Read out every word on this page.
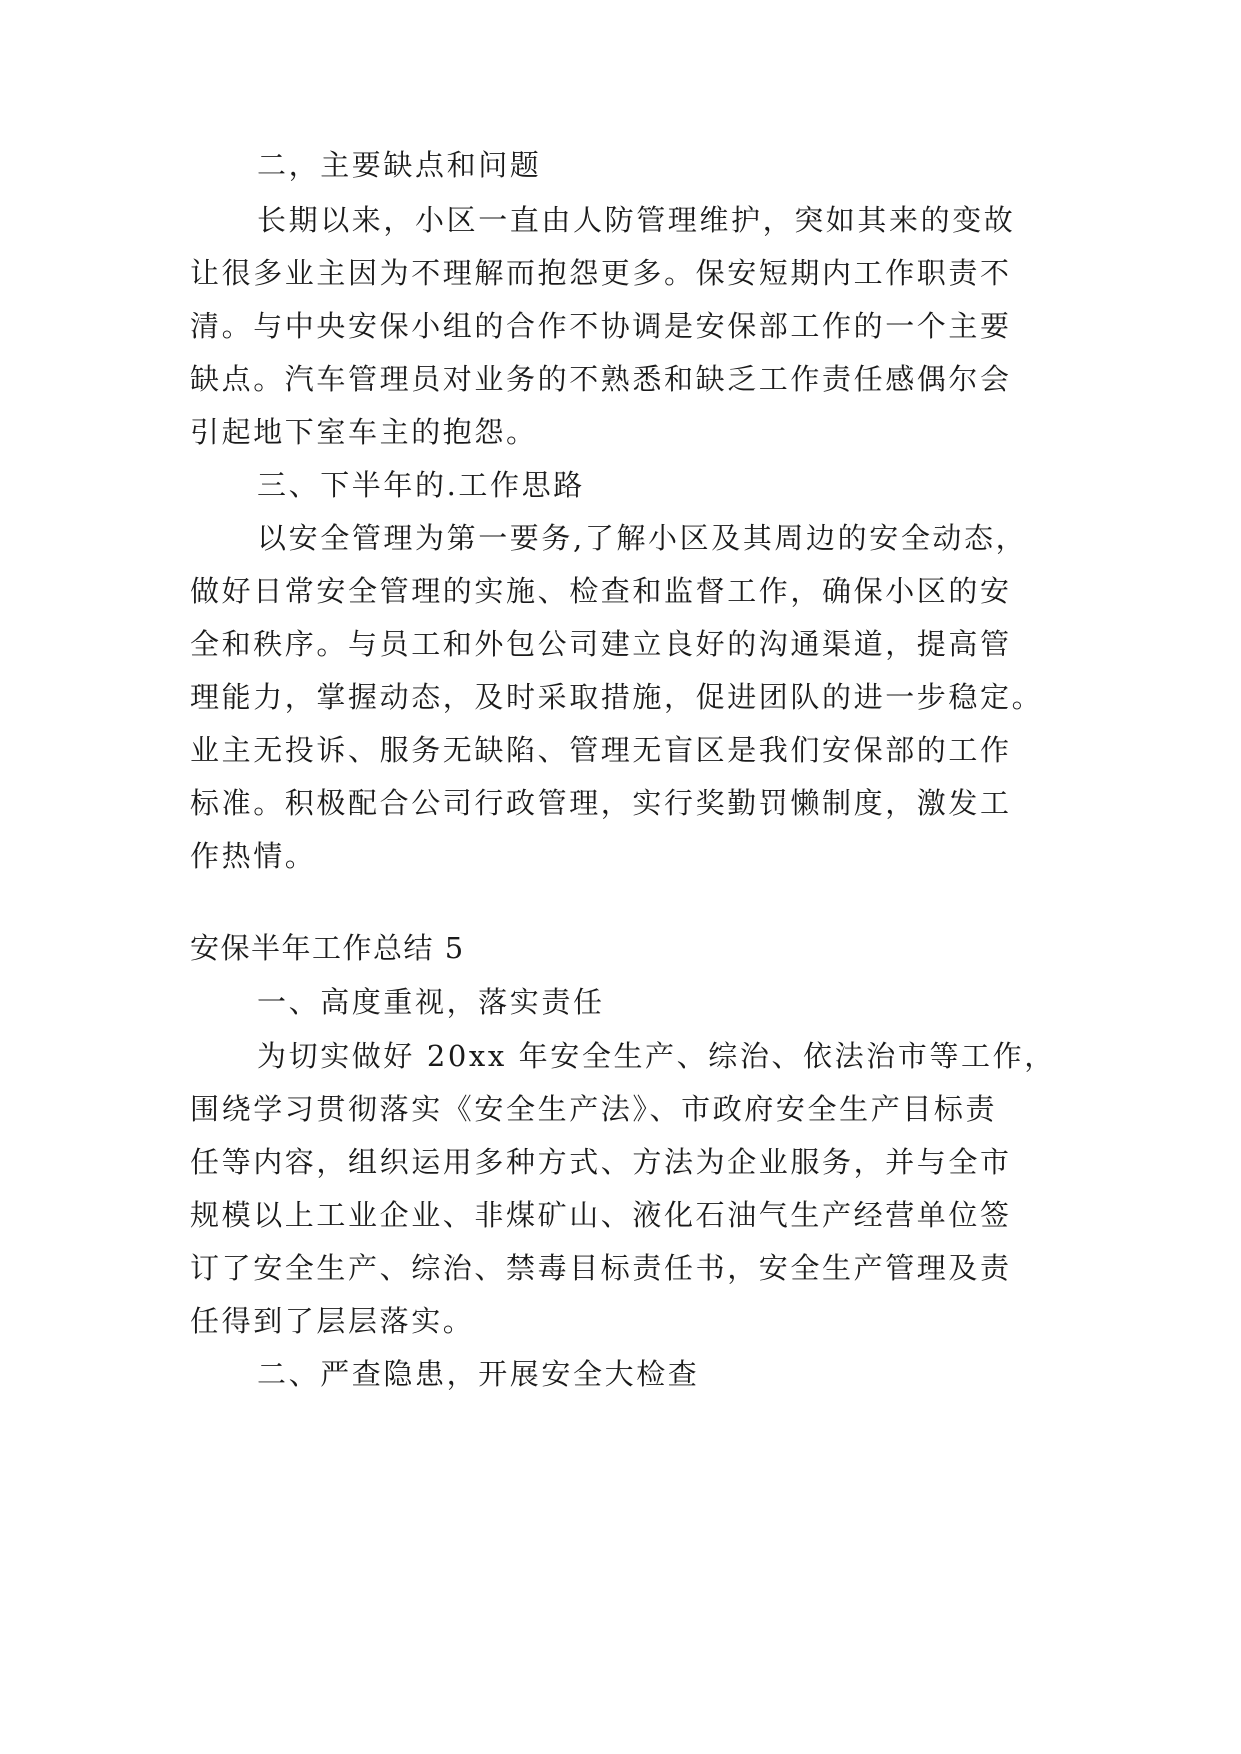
二，主要缺点和问题
长期以来，小区一直由人防管理维护，突如其来的变故
让很多业主因为不理解而抱怨更多。保安短期内工作职责不
清。与中央安保小组的合作不协调是安保部工作的一个主要
缺点。汽车管理员对业务的不熟悉和缺乏工作责任感偶尔会
引起地下室车主的抱怨。
三、下半年的.工作思路
以安全管理为第一要务,了解小区及其周边的安全动态，
做好日常安全管理的实施、检查和监督工作，确保小区的安
全和秩序。与员工和外包公司建立良好的沟通渠道，提高管
理能力，掌握动态，及时采取措施，促进团队的进一步稳定。
业主无投诉、服务无缺陷、管理无盲区是我们安保部的工作
标准。积极配合公司行政管理，实行奖勤罚懒制度，激发工
作热情。
安保半年工作总结 5
一、高度重视，落实责任
为切实做好 20xx 年安全生产、综治、依法治市等工作，
围绕学习贯彻落实《安全生产法》、市政府安全生产目标责
任等内容，组织运用多种方式、方法为企业服务，并与全市
规模以上工业企业、非煤矿山、液化石油气生产经营单位签
订了安全生产、综治、禁毒目标责任书，安全生产管理及责
任得到了层层落实。
二、严查隐患，开展安全大检查
